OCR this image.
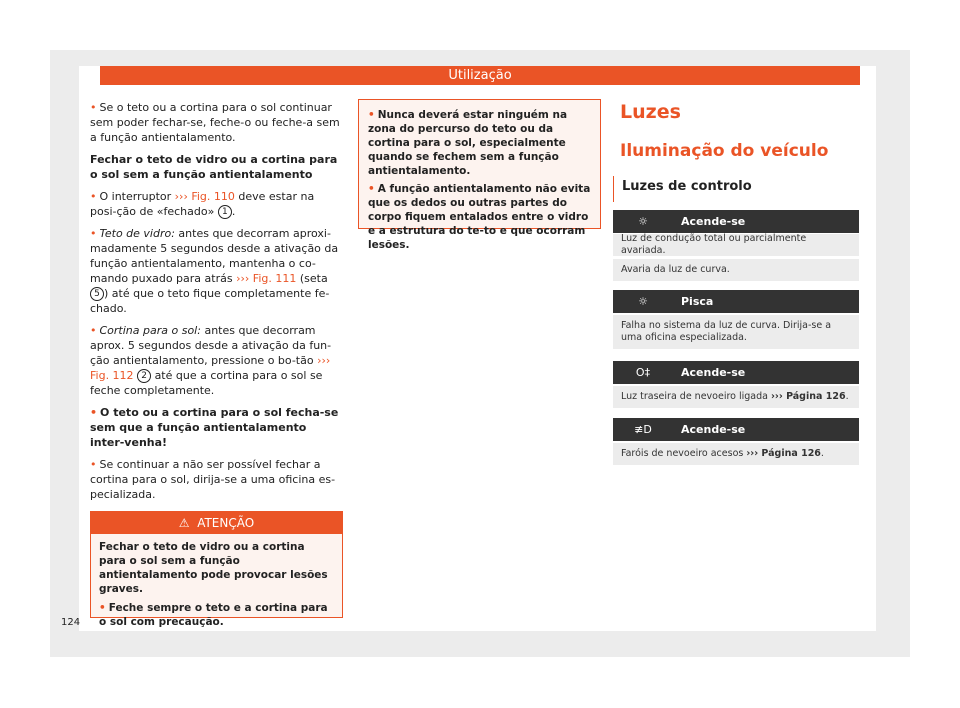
Utilização

• Se o teto ou a cortina para o sol continuar sem poder fechar-se, feche-o ou feche-a sem a função antientalamento.

Fechar o teto de vidro ou a cortina para o sol sem a função antientalamento

• O interruptor ››› Fig. 110 deve estar na posi-ção de «fechado» 1 .

• Teto de vidro: antes que decorram aproxi-madamente 5 segundos desde a ativação da função antientalamento, mantenha o co-mando puxado para atrás ››› Fig. 111 (seta 5 ) até que o teto fique completamente fe-chado.

• Cortina para o sol: antes que decorram aprox. 5 segundos desde a ativação da fun-ção antientalamento, pressione o bo-tão ››› Fig. 112 2 até que a cortina para o sol se feche completamente.

• O teto ou a cortina para o sol fecha-se sem que a função antientalamento inter-venha!

• Se continuar a não ser possível fechar a cortina para o sol, dirija-se a uma oficina es-pecializada.

⚠ ATENÇÃO

Fechar o teto de vidro ou a cortina para o sol sem a função antientalamento pode provocar lesões graves.

• Feche sempre o teto e a cortina para o sol com precaução.

• Nunca deverá estar ninguém na zona do percurso do teto ou da cortina para o sol, especialmente quando se fechem sem a função antientalamento.

• A função antientalamento não evita que os dedos ou outras partes do corpo fiquem entalados entre o vidro e a estrutura do te-to e que ocorram lesões.

Luzes
Iluminação do veículo
Luzes de controlo
☼	Acende-se
Luz de condução total ou parcialmente avariada.
Avaria da luz de curva.
☼	Pisca
Falha no sistema da luz de curva. Dirija-se a uma oficina especializada.
O‡	Acende-se
Luz traseira de nevoeiro ligada
››› Página 126 .
≢D	Acende-se
Faróis de nevoeiro acesos
››› Página 126 .
124
